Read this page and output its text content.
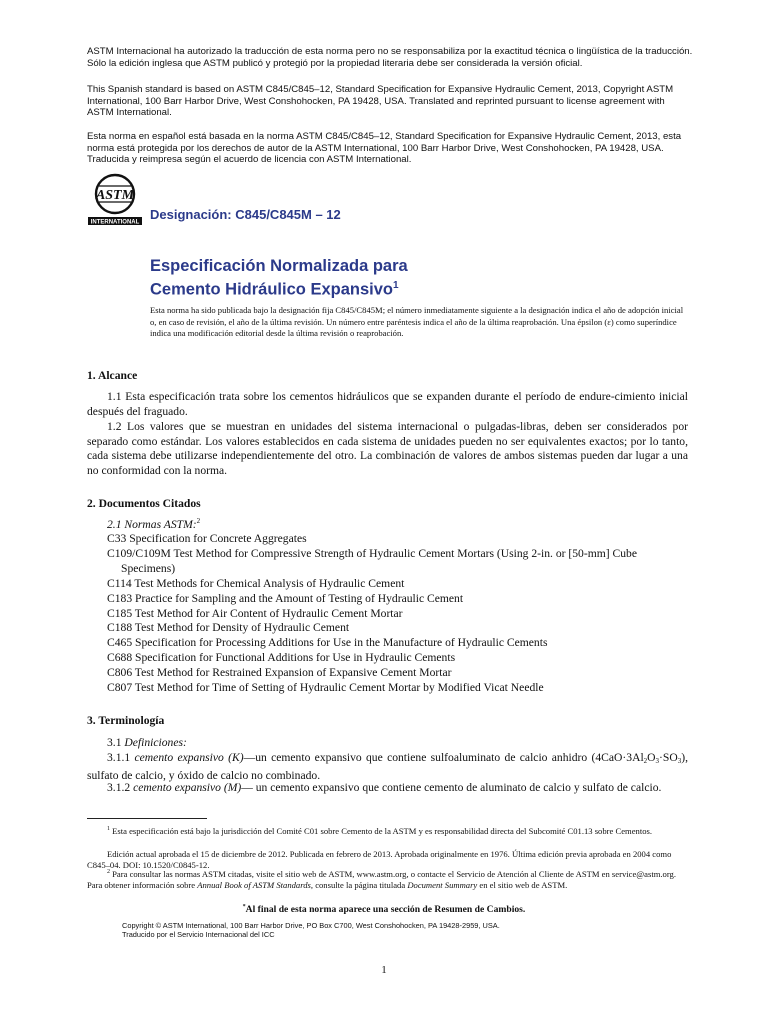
ASTM Internacional ha autorizado la traducción de esta norma pero no se responsabiliza por la exactitud técnica o lingüística de la traducción. Sólo la edición inglesa que ASTM publicó y protegió por la propiedad literaria debe ser considerada la versión oficial.

This Spanish standard is based on ASTM C845/C845–12, Standard Specification for Expansive Hydraulic Cement, 2013, Copyright ASTM International, 100 Barr Harbor Drive, West Conshohocken, PA 19428, USA. Translated and reprinted pursuant to license agreement with ASTM International.

Esta norma en español está basada en la norma ASTM C845/C845–12, Standard Specification for Expansive Hydraulic Cement, 2013, esta norma está protegida por los derechos de autor de la ASTM International, 100 Barr Harbor Drive, West Conshohocken, PA 19428, USA. Traducida y reimpresa según el acuerdo de licencia con ASTM International.

ASTM
INTERNATIONAL
Designación: C845/C845M – 12
Especificación Normalizada para
Cemento Hidráulico Expansivo$^1$

Esta norma ha sido publicada bajo la designación fija C845/C845M; el número inmediatamente siguiente a la designación indica el año de adopción inicial o, en caso de revisión, el año de la última revisión. Un número entre paréntesis indica el año de la última reaprobación. Una épsilon (ε) como superíndice indica una modificación editorial desde la última revisión o reaprobación.

1. Alcance

1.1 Esta especificación trata sobre los cementos hidráulicos que se expanden durante el período de endure-cimiento inicial después del fraguado.

1.2 Los valores que se muestran en unidades del sistema internacional o pulgadas-libras, deben ser considerados por separado como estándar. Los valores establecidos en cada sistema de unidades pueden no ser equivalentes exactos; por lo tanto, cada sistema debe utilizarse independientemente del otro. La combinación de valores de ambos sistemas pueden dar lugar a una no conformidad con la norma.

2. Documentos Citados
2.1 Normas ASTM:$^2$
C33 Specification for Concrete Aggregates
C109/C109M Test Method for Compressive Strength of Hydraulic Cement Mortars (Using 2-in. or [50-mm] Cube Specimens)
C114 Test Methods for Chemical Analysis of Hydraulic Cement
C183 Practice for Sampling and the Amount of Testing of Hydraulic Cement
C185 Test Method for Air Content of Hydraulic Cement Mortar
C188 Test Method for Density of Hydraulic Cement
C465 Specification for Processing Additions for Use in the Manufacture of Hydraulic Cements
C688 Specification for Functional Additions for Use in Hydraulic Cements
C806 Test Method for Restrained Expansion of Expansive Cement Mortar
C807 Test Method for Time of Setting of Hydraulic Cement Mortar by Modified Vicat Needle
3. Terminología
3.1 Definiciones:

3.1.1 cemento expansivo (K)—un cemento expansivo que contiene sulfoaluminato de calcio anhidro $(4CaO\cdot 3Al_2O_3\cdot SO_3)$, sulfato de calcio, y óxido de calcio no combinado.

3.1.2 cemento expansivo (M)— un cemento expansivo que contiene cemento de aluminato de calcio y sulfato de calcio.

$^1$ Esta especificación está bajo la jurisdicción del Comité C01 sobre Cemento de la ASTM y es responsabilidad directa del Subcomité C01.13 sobre Cementos.

Edición actual aprobada el 15 de diciembre de 2012. Publicada en febrero de 2013. Aprobada originalmente en 1976. Última edición previa aprobada en 2004 como C845–04. DOI: 10.1520/C0845-12.

$^2$ Para consultar las normas ASTM citadas, visite el sitio web de ASTM, www.astm.org, o contacte el Servicio de Atención al Cliente de ASTM en service@astm.org. Para obtener información sobre Annual Book of ASTM Standards, consulte la página titulada Document Summary en el sitio web de ASTM.

*Al final de esta norma aparece una sección de Resumen de Cambios.
Copyright © ASTM International, 100 Barr Harbor Drive, PO Box C700, West Conshohocken, PA 19428-2959, USA.
Traducido por el Servicio Internacional del ICC
1
